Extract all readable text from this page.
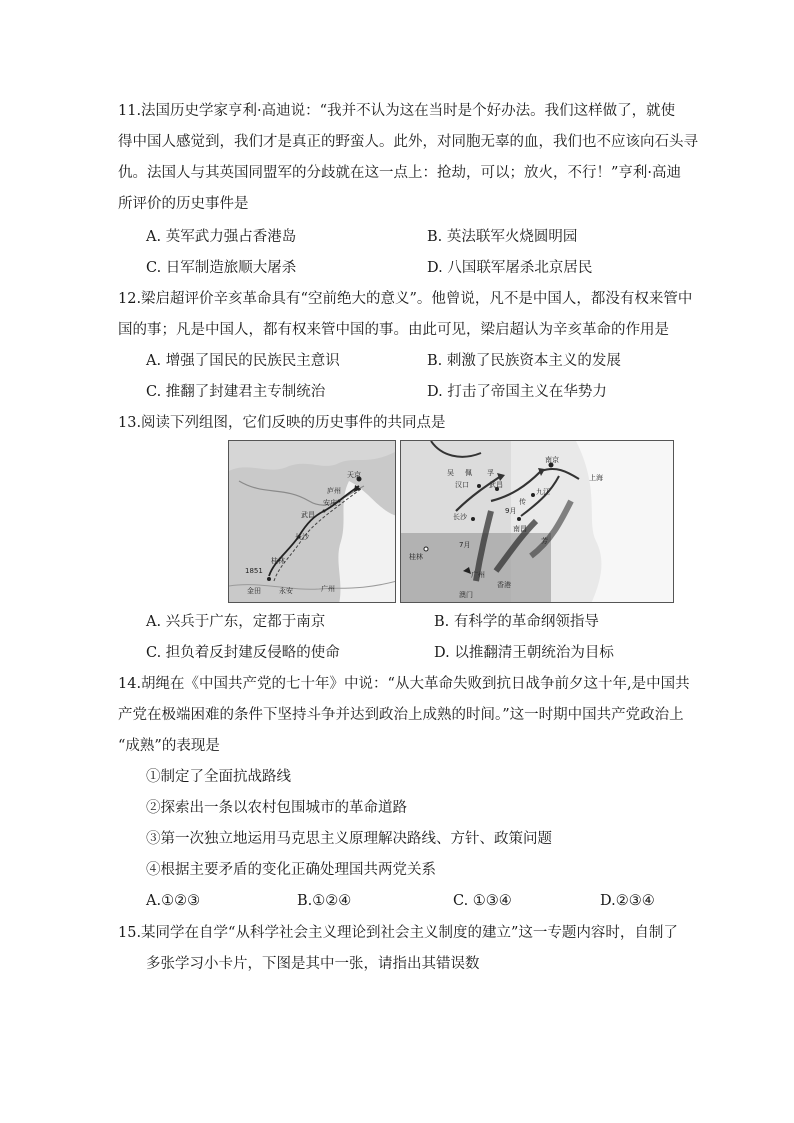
11.法国历史学家亨利·高迪说：“我并不认为这在当时是个好办法。我们这样做了，就使
得中国人感觉到，我们才是真正的野蛮人。此外，对同胞无辜的血，我们也不应该向石头寻
仇。法国人与其英国同盟军的分歧就在这一点上：抢劫，可以；放火，不行！”亨利·高迪
所评价的历史事件是
A. 英军武力强占香港岛	B. 英法联军火烧圆明园
C. 日军制造旅顺大屠杀	D. 八国联军屠杀北京居民
12.梁启超评价辛亥革命具有“空前绝大的意义”。他曾说，凡不是中国人，都没有权来管中
国的事；凡是中国人，都有权来管中国的事。由此可见，梁启超认为辛亥革命的作用是
A. 增强了国民的民族民主意识	B. 刺激了民族资本主义的发展
C. 推翻了封建君主专制统治	D. 打击了帝国主义在华势力
13.阅读下列组图，它们反映的历史事件的共同点是
天京
庐州
安庆
武昌
长沙
桂林
1851
金田	永安	广州
吴 佩 孚
南京
上海
汉口	武昌
九江
传
长沙
南昌
芳
桂林
广州
澳门
香港
7月
9月
A. 兴兵于广东，定都于南京	B. 有科学的革命纲领指导
C. 担负着反封建反侵略的使命	D. 以推翻清王朝统治为目标
14.胡绳在《中国共产党的七十年》中说：“从大革命失败到抗日战争前夕这十年,是中国共
产党在极端困难的条件下坚持斗争并达到政治上成熟的时间。”这一时期中国共产党政治上
“成熟”的表现是
①制定了全面抗战路线
②探索出一条以农村包围城市的革命道路
③第一次独立地运用马克思主义原理解决路线、方针、政策问题
④根据主要矛盾的变化正确处理国共两党关系
A.①②③	B.①②④	C. ①③④	D.②③④
15.某同学在自学“从科学社会主义理论到社会主义制度的建立”这一专题内容时，自制了
多张学习小卡片，下图是其中一张，请指出其错误数
